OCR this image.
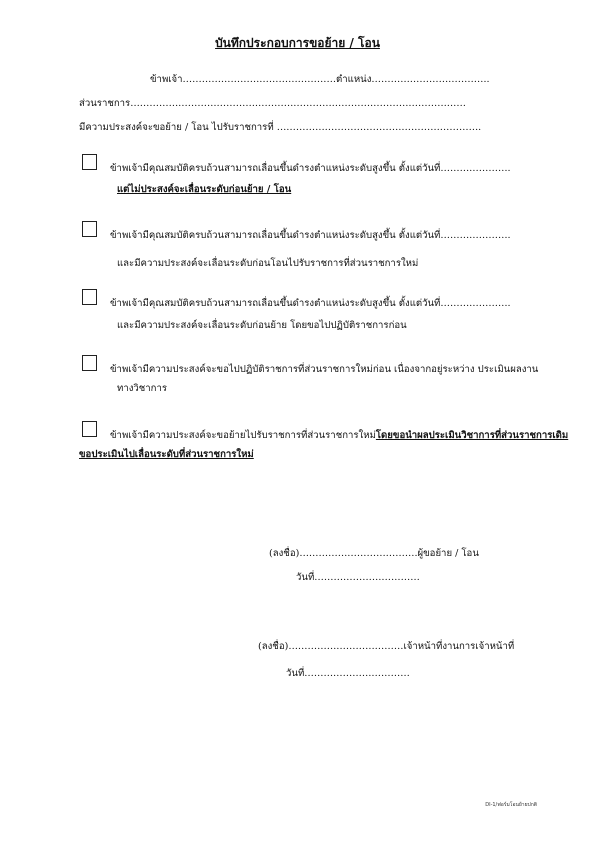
บันทึกประกอบการขอย้าย / โอน
ข้าพเจ้า…………………………………………ตำแหน่ง……………………………….
ส่วนราชการ……………………………………………………………………………………………
มีความประสงค์จะขอย้าย / โอน ไปรับราชการที่ ……………………………………………………….
ข้าพเจ้ามีคุณสมบัติครบถ้วนสามารถเลื่อนขึ้นดำรงตำแหน่งระดับสูงขึ้น ตั้งแต่วันที่………………….
แต่ไม่ประสงค์จะเลื่อนระดับก่อนย้าย / โอน
ข้าพเจ้ามีคุณสมบัติครบถ้วนสามารถเลื่อนขึ้นดำรงตำแหน่งระดับสูงขึ้น ตั้งแต่วันที่………………….
และมีความประสงค์จะเลื่อนระดับก่อนโอนไปรับราชการที่ส่วนราชการใหม่
ข้าพเจ้ามีคุณสมบัติครบถ้วนสามารถเลื่อนขึ้นดำรงตำแหน่งระดับสูงขึ้น ตั้งแต่วันที่………………….
และมีความประสงค์จะเลื่อนระดับก่อนย้าย โดยขอไปปฏิบัติราชการก่อน
ข้าพเจ้ามีความประสงค์จะขอไปปฏิบัติราชการที่ส่วนราชการใหม่ก่อน เนื่องจากอยู่ระหว่าง ประเมินผลงาน
ทางวิชาการ
ข้าพเจ้ามีความประสงค์จะขอย้ายไปรับราชการที่ส่วนราชการใหม่โดยขอนำผลประเมินวิชาการที่ส่วนราชการเดิม
ขอประเมินไปเลื่อนระดับที่ส่วนราชการใหม่
(ลงชื่อ)……………………………….ผู้ขอย้าย / โอน
วันที่……………………………
(ลงชื่อ)………………………………เจ้าหน้าที่งานการเจ้าหน้าที่
วันที่……………………………
DI-1/ฟอร์มโอนย้ายปกติ
